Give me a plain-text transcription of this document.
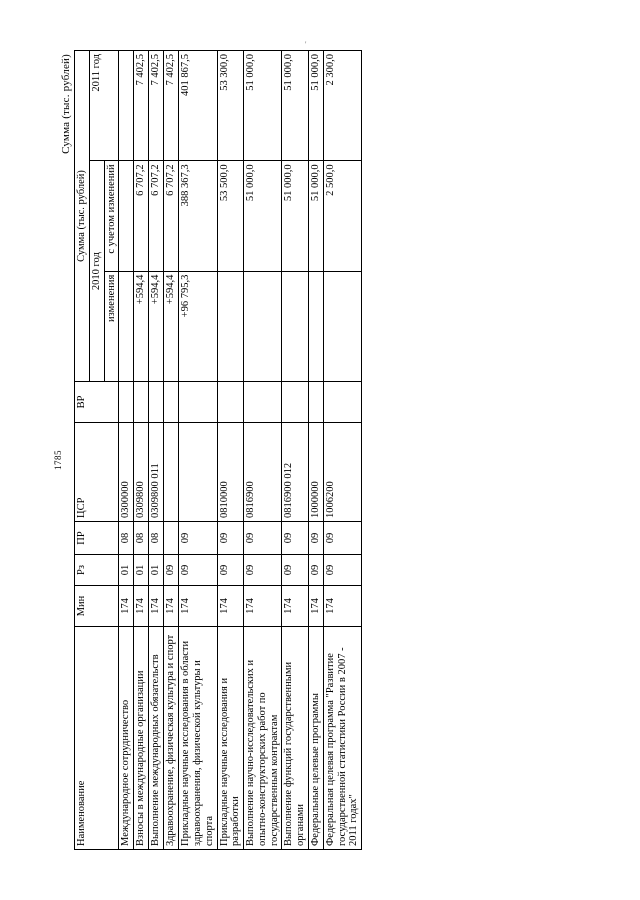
1785
'
Сумма (тыс. рублей)
Наименование	Мин	Рз	ПР	ЦСР	ВР	Сумма (тыс. рублей)		
						2010 год		2011 год
						изменения	с учетом изменений	
Международное сотрудничество	174	01	08	0300000				
Взносы в международные организации	174	01	08	0309800		+594,4	6 707,2	7 402,5
Выполнение международных обязательств	174	01	08	0309800 011		+594,4	6 707,2	7 402,5
Здравоохранение, физическая культура и спорт	174	09				+594,4	6 707,2	7 402,5
Прикладные научные исследования в области здравоохранения, физической культуры и спорта	174	09	09			+96 795,3	388 367,3	401 867,5
Прикладные научные исследования и разработки	174	09	09	0810000			53 500,0	53 300,0
Выполнение научно-исследовательских и опытно-конструкторских работ по государственным контрактам	174	09	09	0816900			51 000,0	51 000,0
Выполнение функций государственными органами	174	09	09	0816900 012			51 000,0	51 000,0
Федеральные целевые программы	174	09	09	1000000			51 000,0	51 000,0
Федеральная целевая программа "Развитие государственной статистики России в 2007 - 2011 годах"	174	09	09	1006200			2 500,0	2 300,0
